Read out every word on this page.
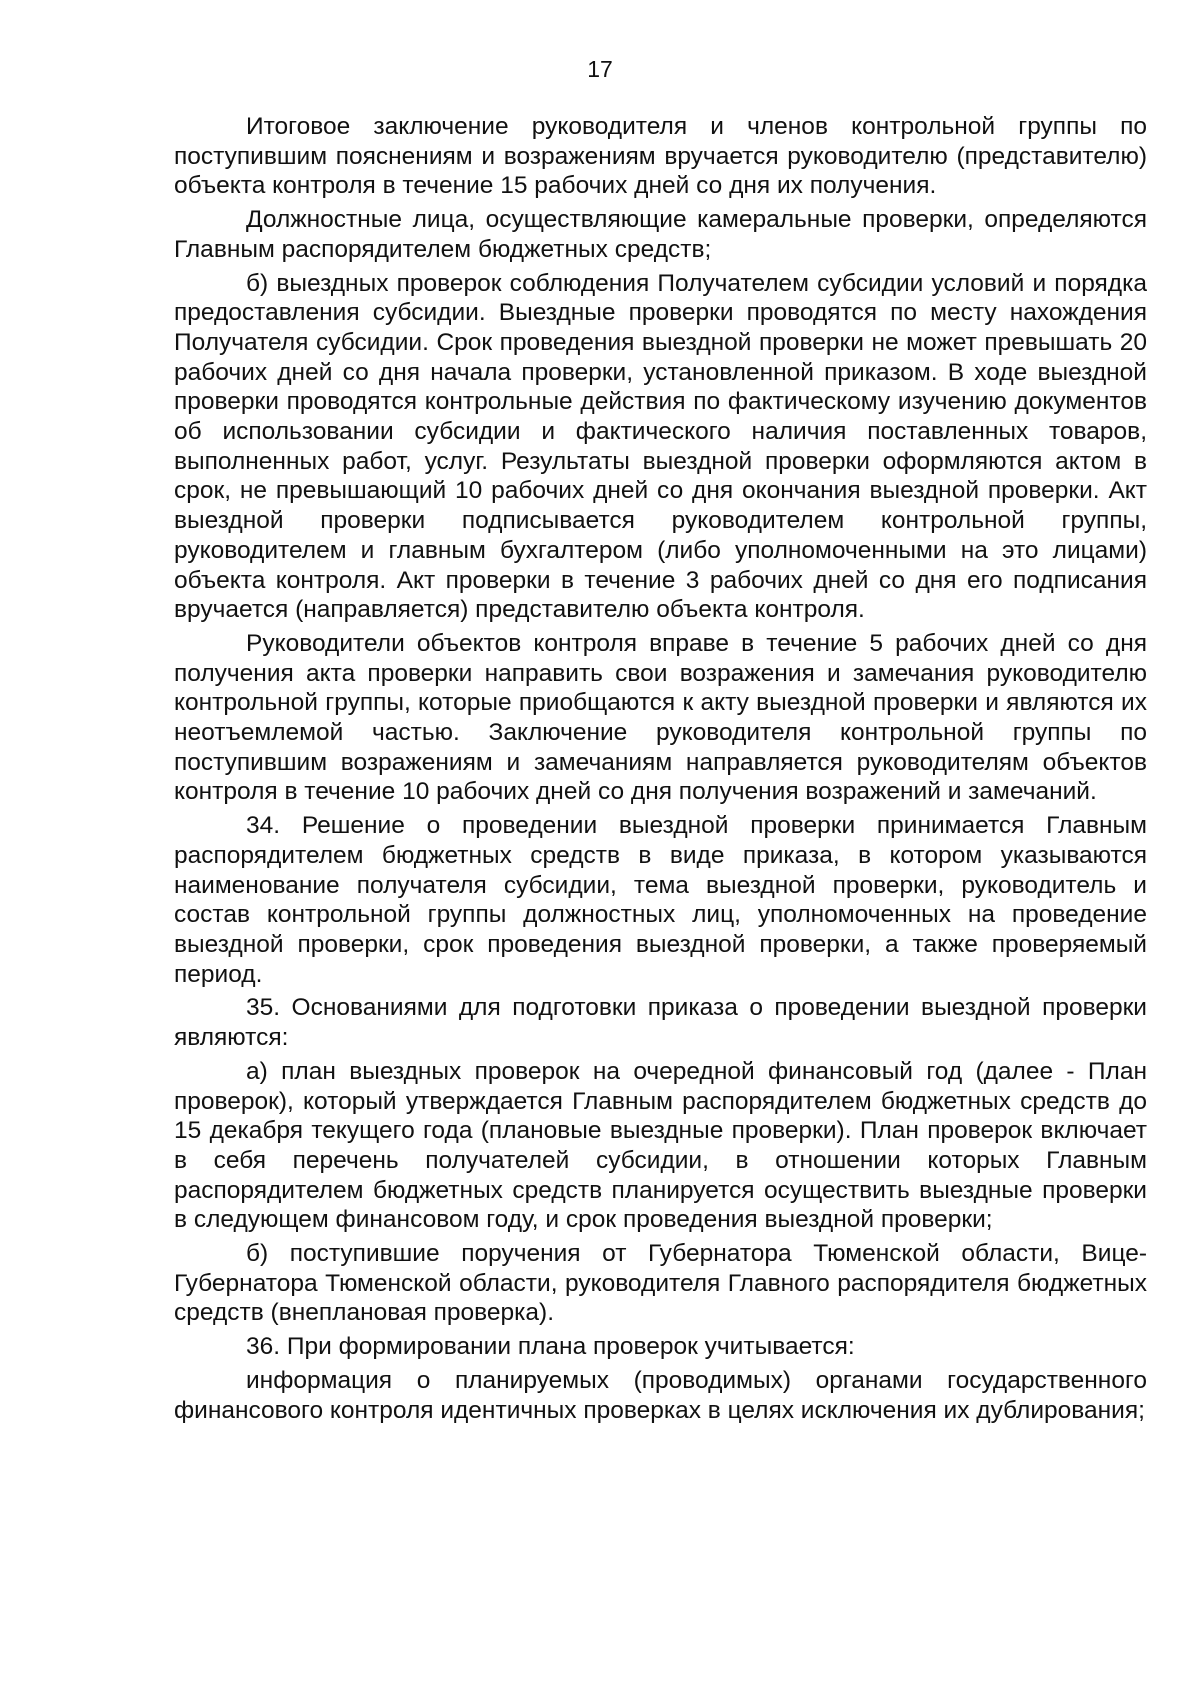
17

Итоговое заключение руководителя и членов контрольной группы по поступившим пояснениям и возражениям вручается руководителю (представителю) объекта контроля в течение 15 рабочих дней со дня их получения.

Должностные лица, осуществляющие камеральные проверки, определяются Главным распорядителем бюджетных средств;

б) выездных проверок соблюдения Получателем субсидии условий и порядка предоставления субсидии. Выездные проверки проводятся по месту нахождения Получателя субсидии. Срок проведения выездной проверки не может превышать 20 рабочих дней со дня начала проверки, установленной приказом. В ходе выездной проверки проводятся контрольные действия по фактическому изучению документов об использовании субсидии и фактического наличия поставленных товаров, выполненных работ, услуг. Результаты выездной проверки оформляются актом в срок, не превышающий 10 рабочих дней со дня окончания выездной проверки. Акт выездной проверки подписывается руководителем контрольной группы, руководителем и главным бухгалтером (либо уполномоченными на это лицами) объекта контроля. Акт проверки в течение 3 рабочих дней со дня его подписания вручается (направляется) представителю объекта контроля.

Руководители объектов контроля вправе в течение 5 рабочих дней со дня получения акта проверки направить свои возражения и замечания руководителю контрольной группы, которые приобщаются к акту выездной проверки и являются их неотъемлемой частью. Заключение руководителя контрольной группы по поступившим возражениям и замечаниям направляется руководителям объектов контроля в течение 10 рабочих дней со дня получения возражений и замечаний.

34. Решение о проведении выездной проверки принимается Главным распорядителем бюджетных средств в виде приказа, в котором указываются наименование получателя субсидии, тема выездной проверки, руководитель и состав контрольной группы должностных лиц, уполномоченных на проведение выездной проверки, срок проведения выездной проверки, а также проверяемый период.

35. Основаниями для подготовки приказа о проведении выездной проверки являются:

а) план выездных проверок на очередной финансовый год (далее - План проверок), который утверждается Главным распорядителем бюджетных средств до 15 декабря текущего года (плановые выездные проверки). План проверок включает в себя перечень получателей субсидии, в отношении которых Главным распорядителем бюджетных средств планируется осуществить выездные проверки в следующем финансовом году, и срок проведения выездной проверки;

б) поступившие поручения от Губернатора Тюменской области, Вице-Губернатора Тюменской области, руководителя Главного распорядителя бюджетных средств (внеплановая проверка).

36. При формировании плана проверок учитывается:

информация о планируемых (проводимых) органами государственного финансового контроля идентичных проверках в целях исключения их дублирования;
